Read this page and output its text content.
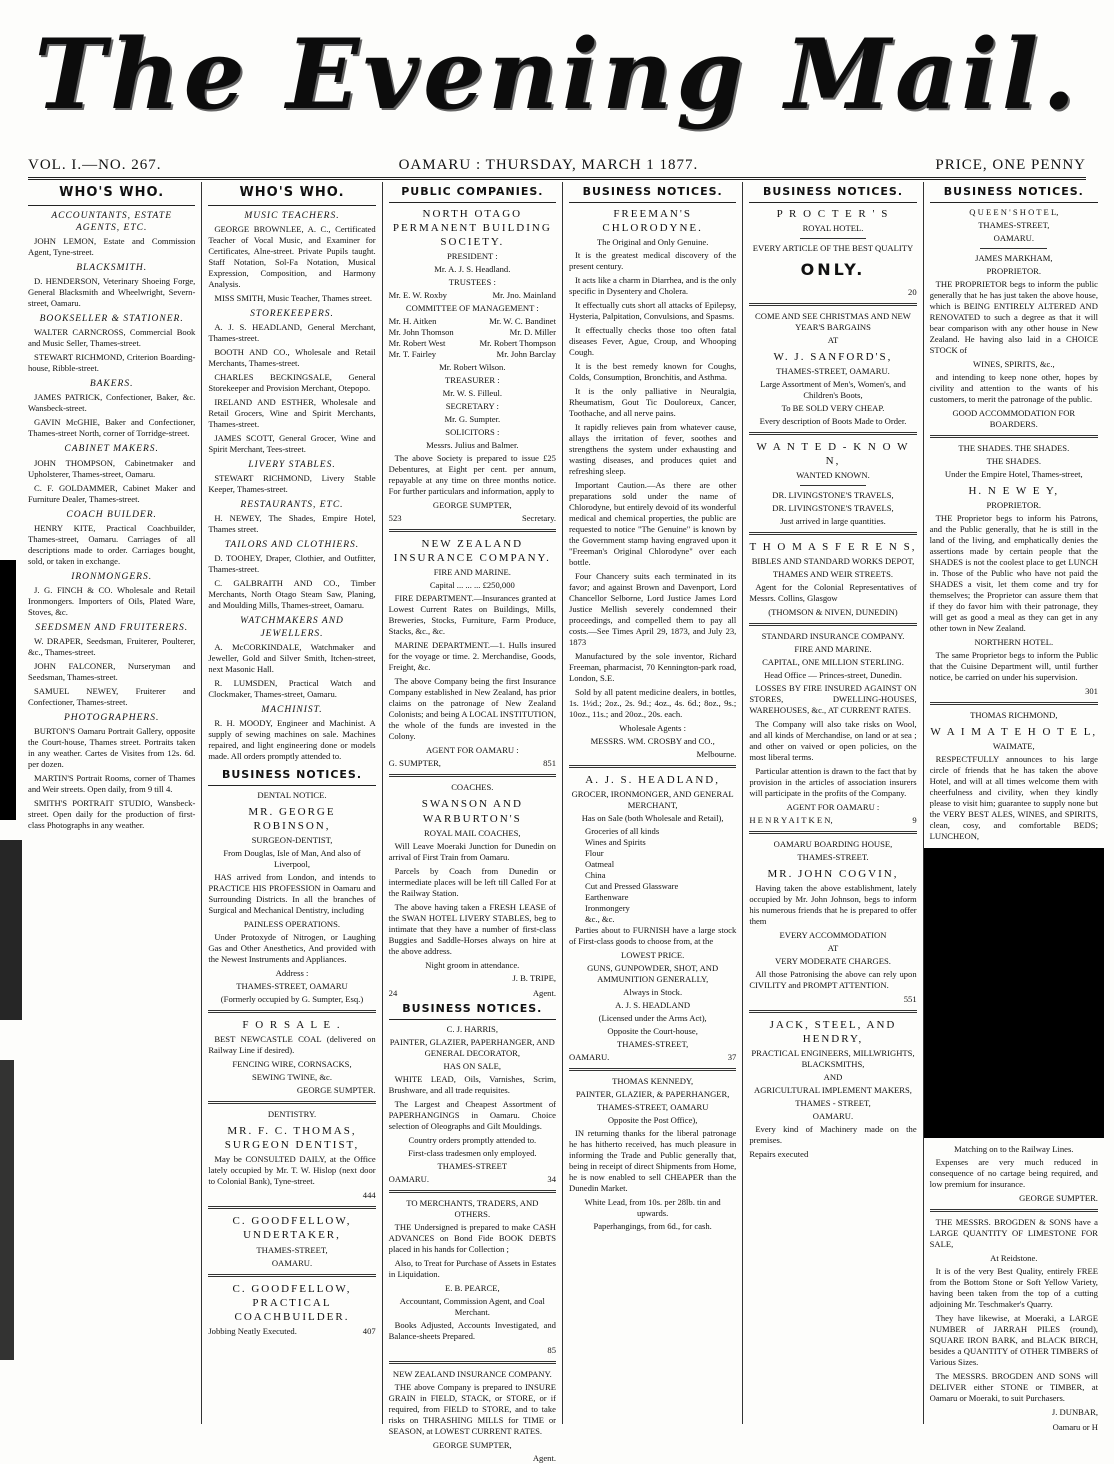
The Evening Mail.
VOL. I.—NO. 267.	OAMARU : THURSDAY, MARCH 1 1877.	PRICE, ONE PENNY
WHO'S WHO.
ACCOUNTANTS, ESTATE AGENTS, ETC.

JOHN LEMON, Estate and Commission Agent, Tyne-street.

BLACKSMITH.

D. HENDERSON, Veterinary Shoeing Forge, General Blacksmith and Wheelwright, Severn-street, Oamaru.

BOOKSELLER & STATIONER.

WALTER CARNCROSS, Commercial Book and Music Seller, Thames-street.

STEWART RICHMOND, Criterion Boarding-house, Ribble-street.

BAKERS.

JAMES PATRICK, Confectioner, Baker, &c. Wansbeck-street.

GAVIN McGHIE, Baker and Confectioner, Thames-street North, corner of Torridge-street.

CABINET MAKERS.

JOHN THOMPSON, Cabinetmaker and Upholsterer, Thames-street, Oamaru.

C. F. GOLDAMMER, Cabinet Maker and Furniture Dealer, Thames-street.

COACH BUILDER.

HENRY KITE, Practical Coachbuilder, Thames-street, Oamaru. Carriages of all descriptions made to order. Carriages bought, sold, or taken in exchange.

IRONMONGERS.

J. G. FINCH & CO. Wholesale and Retail Ironmongers. Importers of Oils, Plated Ware, Stoves, &c.

SEEDSMEN AND FRUITERERS.

W. DRAPER, Seedsman, Fruiterer, Poulterer, &c., Thames-street.

JOHN FALCONER, Nurseryman and Seedsman, Thames-street.

SAMUEL NEWEY, Fruiterer and Confectioner, Thames-street.

PHOTOGRAPHERS.

BURTON'S Oamaru Portrait Gallery, opposite the Court-house, Thames street. Portraits taken in any weather. Cartes de Visites from 12s. 6d. per dozen.

MARTIN'S Portrait Rooms, corner of Thames and Weir streets. Open daily, from 9 till 4.

SMITH'S PORTRAIT STUDIO, Wansbeck-street. Open daily for the production of first-class Photographs in any weather.

WHO'S WHO.
MUSIC TEACHERS.

GEORGE BROWNLEE, A. C., Certificated Teacher of Vocal Music, and Examiner for Certificates, Alne-street. Private Pupils taught. Staff Notation, Sol-Fa Notation, Musical Expression, Composition, and Harmony Analysis.

MISS SMITH, Music Teacher, Thames street.

STOREKEEPERS.

A. J. S. HEADLAND, General Merchant, Thames-street.

BOOTH AND CO., Wholesale and Retail Merchants, Thames-street.

CHARLES BECKINGSALE, General Storekeeper and Provision Merchant, Otepopo.

IRELAND AND ESTHER, Wholesale and Retail Grocers, Wine and Spirit Merchants, Thames-street.

JAMES SCOTT, General Grocer, Wine and Spirit Merchant, Tees-street.

LIVERY STABLES.

STEWART RICHMOND, Livery Stable Keeper, Thames-street.

RESTAURANTS, ETC.

H. NEWEY, The Shades, Empire Hotel, Thames street.

TAILORS AND CLOTHIERS.

D. TOOHEY, Draper, Clothier, and Outfitter, Thames-street.

C. GALBRAITH AND CO., Timber Merchants, North Otago Steam Saw, Planing, and Moulding Mills, Thames-street, Oamaru.

WATCHMAKERS AND JEWELLERS.

A. McCORKINDALE, Watchmaker and Jeweller, Gold and Silver Smith, Itchen-street, next Masonic Hall.

R. LUMSDEN, Practical Watch and Clockmaker, Thames-street, Oamaru.

MACHINIST.

R. H. MOODY, Engineer and Machinist. A supply of sewing machines on sale. Machines repaired, and light engineering done or models made. All orders promptly attended to.

BUSINESS NOTICES.
DENTAL NOTICE.
MR. GEORGE ROBINSON,
SURGEON-DENTIST,
From Douglas, Isle of Man, And also of Liverpool,

HAS arrived from London, and intends to PRACTICE HIS PROFESSION in Oamaru and Surrounding Districts. In all the branches of Surgical and Mechanical Dentistry, including

PAINLESS OPERATIONS.

Under Protoxyde of Nitrogen, or Laughing Gas and Other Anesthetics, And provided with the Newest Instruments and Appliances.

Address :
THAMES-STREET, OAMARU
(Formerly occupied by G. Sumpter, Esq.)
F O R S A L E .

BEST NEWCASTLE COAL (delivered on Railway Line if desired).

FENCING WIRE, CORNSACKS,
SEWING TWINE, &c.
GEORGE SUMPTER.
DENTISTRY.
MR. F. C. THOMAS, SURGEON DENTIST,

May be CONSULTED DAILY, at the Office lately occupied by Mr. T. W. Hislop (next door to Colonial Bank), Tyne-street.

444
C. GOODFELLOW, UNDERTAKER,
THAMES-STREET,
OAMARU.
C. GOODFELLOW, PRACTICAL COACHBUILDER.
Jobbing Neatly Executed.	407
PUBLIC COMPANIES.
NORTH OTAGO PERMANENT BUILDING SOCIETY.
PRESIDENT :
Mr. A. J. S. Headland.
TRUSTEES :
Mr. E. W. Roxby	Mr. Jno. Mainland
COMMITTEE OF MANAGEMENT :
Mr. H. Aitken	Mr. W. C. Bandinet
Mr. John Thomson	Mr. D. Miller
Mr. Robert West	Mr. Robert Thompson
Mr. T. Fairley	Mr. John Barclay
Mr. Robert Wilson.
TREASURER :
Mr. W. S. Filleul.
SECRETARY :
Mr. G. Sumpter.
SOLICITORS :
Messrs. Julius and Balmer.

The above Society is prepared to issue £25 Debentures, at Eight per cent. per annum, repayable at any time on three months notice. For further particulars and information, apply to

GEORGE SUMPTER,
523	Secretary.
NEW ZEALAND INSURANCE COMPANY.
FIRE AND MARINE.
Capital ... ... ... £250,000

FIRE DEPARTMENT.—Insurances granted at Lowest Current Rates on Buildings, Mills, Breweries, Stocks, Furniture, Farm Produce, Stacks, &c., &c.

MARINE DEPARTMENT.—1. Hulls insured for the voyage or time. 2. Merchandise, Goods, Freight, &c.

The above Company being the first Insurance Company established in New Zealand, has prior claims on the patronage of New Zealand Colonists; and being A LOCAL INSTITUTION, the whole of the funds are invested in the Colony.

AGENT FOR OAMARU :
G. SUMPTER,	851
COACHES.
SWANSON AND WARBURTON'S
ROYAL MAIL COACHES,

Will Leave Moeraki Junction for Dunedin on arrival of First Train from Oamaru.

Parcels by Coach from Dunedin or intermediate places will be left till Called For at the Railway Station.

The above having taken a FRESH LEASE of the SWAN HOTEL LIVERY STABLES, beg to intimate that they have a number of first-class Buggies and Saddle-Horses always on hire at the above address.

Night groom in attendance.
J. B. TRIPE,
24	Agent.
BUSINESS NOTICES.
C. J. HARRIS,
PAINTER, GLAZIER, PAPERHANGER, AND GENERAL DECORATOR,
HAS ON SALE,

WHITE LEAD, Oils, Varnishes, Scrim, Brushware, and all trade requisites.

The Largest and Cheapest Assortment of PAPERHANGINGS in Oamaru. Choice selection of Oleographs and Gilt Mouldings.

Country orders promptly attended to.
First-class tradesmen only employed.
THAMES-STREET
OAMARU.	34
TO MERCHANTS, TRADERS, AND OTHERS.

THE Undersigned is prepared to make CASH ADVANCES on Bond Fide BOOK DEBTS placed in his hands for Collection ;

Also, to Treat for Purchase of Assets in Estates in Liquidation.

E. B. PEARCE,
Accountant, Commission Agent, and Coal Merchant.

Books Adjusted, Accounts Investigated, and Balance-sheets Prepared.

85
NEW ZEALAND INSURANCE COMPANY.

THE above Company is prepared to INSURE GRAIN in FIELD, STACK, or STORE, or if required, from FIELD to STORE, and to take risks on THRASHING MILLS for TIME or SEASON, at LOWEST CURRENT RATES.

GEORGE SUMPTER,
Agent.
BUSINESS NOTICES.
FREEMAN'S CHLORODYNE.
The Original and Only Genuine.

It is the greatest medical discovery of the present century.

It acts like a charm in Diarrhea, and is the only specific in Dysentery and Cholera.

It effectually cuts short all attacks of Epilepsy, Hysteria, Palpitation, Convulsions, and Spasms.

It effectually checks those too often fatal diseases Fever, Ague, Croup, and Whooping Cough.

It is the best remedy known for Coughs, Colds, Consumption, Bronchitis, and Asthma.

It is the only palliative in Neuralgia, Rheumatism, Gout Tic Douloreux, Cancer, Toothache, and all nerve pains.

It rapidly relieves pain from whatever cause, allays the irritation of fever, soothes and strengthens the system under exhausting and wasting diseases, and produces quiet and refreshing sleep.

Important Caution.—As there are other preparations sold under the name of Chlorodyne, but entirely devoid of its wonderful medical and chemical properties, the public are requested to notice "The Genuine" is known by the Government stamp having engraved upon it "Freeman's Original Chlorodyne" over each bottle.

Four Chancery suits each terminated in its favor; and against Brown and Davenport, Lord Chancellor Selborne, Lord Justice James Lord Justice Mellish severely condemned their proceedings, and compelled them to pay all costs.—See Times April 29, 1873, and July 23, 1873

Manufactured by the sole inventor, Richard Freeman, pharmacist, 70 Kennington-park road, London, S.E.

Sold by all patent medicine dealers, in bottles, 1s. 1½d.; 2oz., 2s. 9d.; 4oz., 4s. 6d.; 8oz., 9s.; 10oz., 11s.; and 20oz., 20s. each.

Wholesale Agents :
MESSRS. WM. CROSBY and CO.,
Melbourne.
A. J. S. HEADLAND,
GROCER, IRONMONGER, AND GENERAL MERCHANT,
Has on Sale (both Wholesale and Retail),
Groceries of all kinds
Wines and Spirits
Flour
Oatmeal
China
Cut and Pressed Glassware
Earthenware
Ironmongery
&c., &c.

Parties about to FURNISH have a large stock of First-class goods to choose from, at the

LOWEST PRICE.
GUNS, GUNPOWDER, SHOT, AND AMMUNITION GENERALLY,
Always in Stock.
A. J. S. HEADLAND
(Licensed under the Arms Act),
Opposite the Court-house,
THAMES-STREET,
OAMARU.	37
THOMAS KENNEDY,
PAINTER, GLAZIER, & PAPERHANGER,
THAMES-STREET, OAMARU
Opposite the Post Office),

IN returning thanks for the liberal patronage he has hitherto received, has much pleasure in informing the Trade and Public generally that, being in receipt of direct Shipments from Home, he is now enabled to sell CHEAPER than the Dunedin Market.

White Lead, from 10s. per 28lb. tin and upwards.
Paperhangings, from 6d., for cash.
BUSINESS NOTICES.
P R O C T E R ' S
ROYAL HOTEL.
EVERY ARTICLE OF THE BEST QUALITY
ONLY.
20
COME AND SEE CHRISTMAS AND NEW YEAR'S BARGAINS
AT
W. J. SANFORD'S,
THAMES-STREET, OAMARU.
Large Assortment of Men's, Women's, and Children's Boots,
To BE SOLD VERY CHEAP.
Every description of Boots Made to Order.
W A N T E D - K N O W N,
WANTED KNOWN.
DR. LIVINGSTONE'S TRAVELS,
DR. LIVINGSTONE'S TRAVELS,
Just arrived in large quantities.
T H O M A S F E R E N S,
BIBLES AND STANDARD WORKS DEPOT,
THAMES AND WEIR STREETS.

Agent for the Colonial Representatives of Messrs. Collins, Glasgow

(THOMSON & NIVEN, DUNEDIN)
STANDARD INSURANCE COMPANY.
FIRE AND MARINE.
CAPITAL, ONE MILLION STERLING.
Head Office — Princes-street, Dunedin.

LOSSES BY FIRE INSURED AGAINST ON STORES, DWELLING-HOUSES, WAREHOUSES, &c., AT CURRENT RATES.

The Company will also take risks on Wool, and all kinds of Merchandise, on land or at sea ; and other on vaived or open policies, on the most liberal terms.

Particular attention is drawn to the fact that by provision in the articles of association insurers will participate in the profits of the Company.

AGENT FOR OAMARU :
H E N R Y A I T K E N,	9
OAMARU BOARDING HOUSE,
THAMES-STREET.
MR. JOHN COGVIN,

Having taken the above establishment, lately occupied by Mr. John Johnson, begs to inform his numerous friends that he is prepared to offer them

EVERY ACCOMMODATION
AT
VERY MODERATE CHARGES.

All those Patronising the above can rely upon CIVILITY and PROMPT ATTENTION.

551
JACK, STEEL, AND HENDRY,
PRACTICAL ENGINEERS, MILLWRIGHTS, BLACKSMITHS,
AND
AGRICULTURAL IMPLEMENT MAKERS,
THAMES - STREET,
OAMARU.

Every kind of Machinery made on the premises.

Repairs executed
BUSINESS NOTICES.
Q U E E N ' S H O T E L,
THAMES-STREET,
OAMARU.
JAMES MARKHAM,
PROPRIETOR.

THE PROPRIETOR begs to inform the public generally that he has just taken the above house, which is BEING ENTIRELY ALTERED AND RENOVATED to such a degree as that it will bear comparison with any other house in New Zealand. He having also laid in a CHOICE STOCK of

WINES, SPIRITS, &c.,

and intending to keep none other, hopes by civility and attention to the wants of his customers, to merit the patronage of the public.

GOOD ACCOMMODATION FOR BOARDERS.
THE SHADES. THE SHADES.
THE SHADES.
Under the Empire Hotel, Thames-street,
H. N E W E Y,
PROPRIETOR.

THE Proprietor begs to inform his Patrons, and the Public generally, that he is still in the land of the living, and emphatically denies the assertions made by certain people that the SHADES is not the coolest place to get LUNCH in. Those of the Public who have not paid the SHADES a visit, let them come and try for themselves; the Proprietor can assure them that if they do favor him with their patronage, they will get as good a meal as they can get in any other town in New Zealand.

NORTHERN HOTEL.

The same Proprietor begs to inform the Public that the Cuisine Department will, until further notice, be carried on under his supervision.

301
THOMAS RICHMOND,
W A I M A T E H O T E L,
WAIMATE,

RESPECTFULLY announces to his large circle of friends that he has taken the above Hotel, and will at all times welcome them with cheerfulness and civility, when they kindly please to visit him; guarantee to supply none but the VERY BEST ALES, WINES, and SPIRITS, clean, cosy, and comfortable BEDS; LUNCHEON,

Matching on to the Railway Lines.

Expenses are very much reduced in consequence of no cartage being required, and low premium for insurance.

GEORGE SUMPTER.

THE MESSRS. BROGDEN & SONS have a LARGE QUANTITY OF LIMESTONE FOR SALE,

At Reidstone.

It is of the very Best Quality, entirely FREE from the Bottom Stone or Soft Yellow Variety, having been taken from the top of a cutting adjoining Mr. Teschmaker's Quarry.

They have likewise, at Moeraki, a LARGE NUMBER of JARRAH PILES (round), SQUARE IRON BARK, and BLACK BIRCH, besides a QUANTITY of OTHER TIMBERS of Various Sizes.

The MESSRS. BROGDEN AND SONS will DELIVER either STONE or TIMBER, at Oamaru or Moeraki, to suit Purchasers.

J. DUNBAR,
Oamaru or H
